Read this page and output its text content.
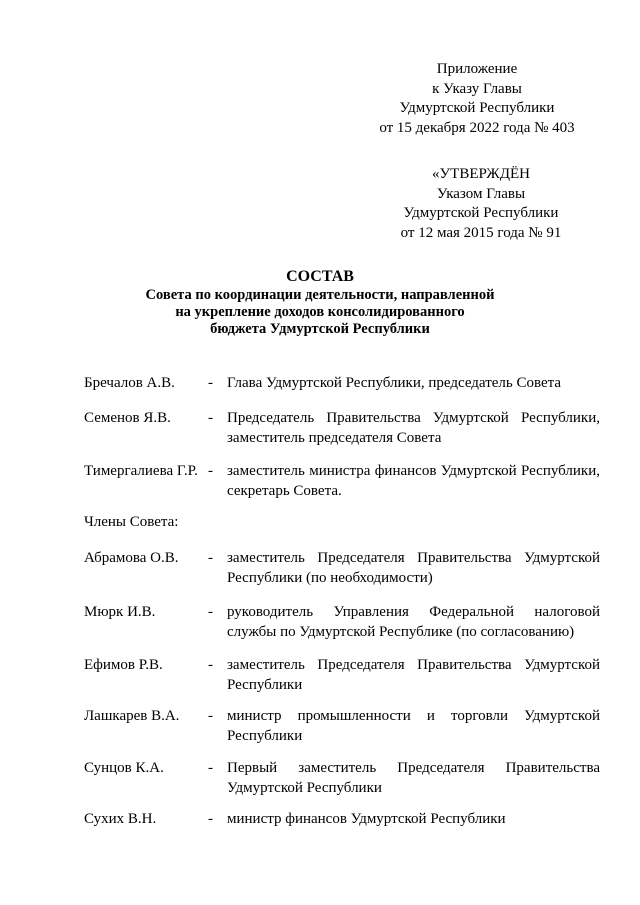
Приложение
к Указу Главы
Удмуртской Республики
от 15 декабря 2022 года № 403
«УТВЕРЖДЁН
Указом Главы
Удмуртской Республики
от 12 мая 2015 года № 91
СОСТАВ
Совета по координации деятельности, направленной
на укрепление доходов консолидированного
бюджета Удмуртской Республики
Бречалов А.В. - Глава Удмуртской Республики, председатель Совета
Семенов Я.В. - Председатель Правительства Удмуртской Республики,
заместитель председателя Совета
Тимергалиева Г.Р. - заместитель министра финансов Удмуртской Республики,
секретарь Совета.
Члены Совета:
Абрамова О.В. - заместитель Председателя Правительства Удмуртской
Республики (по необходимости)
Мюрк И.В.	- руководитель Управления Федеральной налоговой
службы по Удмуртской Республике (по согласованию)
Ефимов Р.В.	- заместитель Председателя Правительства Удмуртской
Республики
Лашкарев В.А. - министр промышленности и торговли Удмуртской
Республики
Сунцов К.А.	- Первый заместитель Председателя Правительства
Удмуртской Республики
Сухих В.Н.	- министр финансов Удмуртской Республики
